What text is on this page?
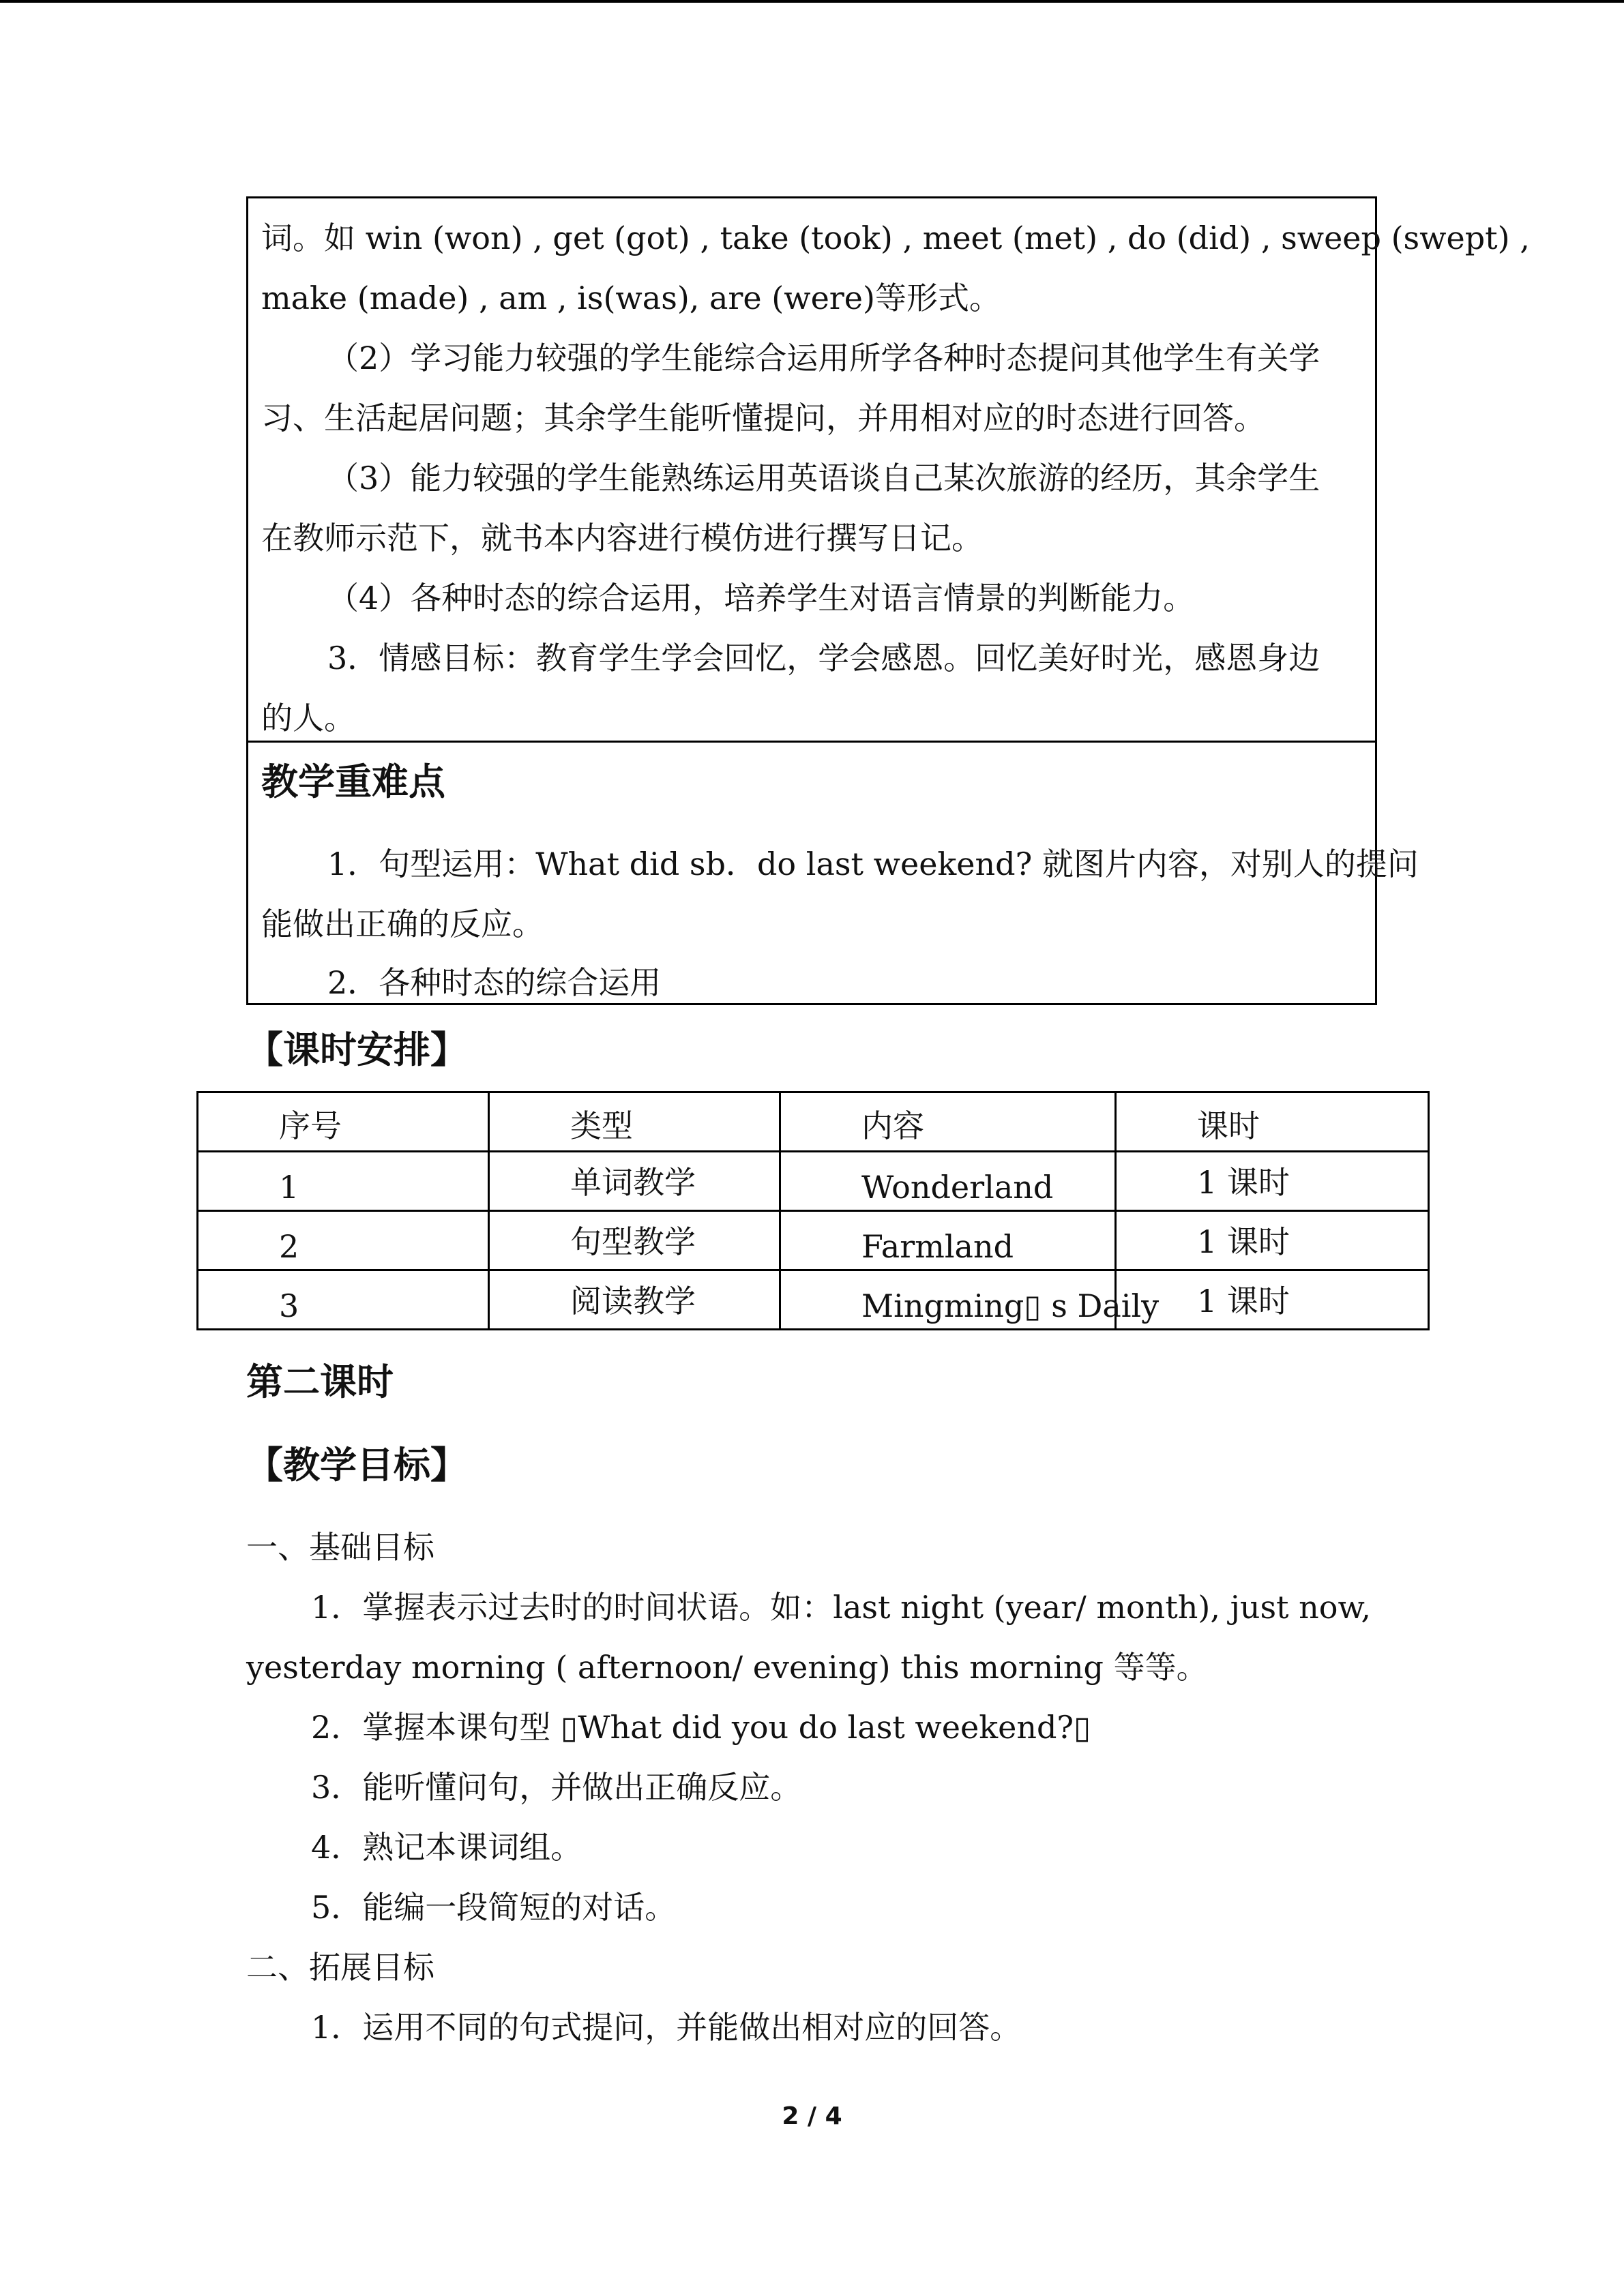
词。如 win (won) , get (got) , take (took) , meet (met) , do (did) , sweep (swept) ,
make (made) , am , is(was), are (were)等形式。
（2）学习能力较强的学生能综合运用所学各种时态提问其他学生有关学
习、生活起居问题；其余学生能听懂提问，并用相对应的时态进行回答。
（3）能力较强的学生能熟练运用英语谈自己某次旅游的经历，其余学生
在教师示范下，就书本内容进行模仿进行撰写日记。
（4）各种时态的综合运用，培养学生对语言情景的判断能力。
3．情感目标：教育学生学会回忆，学会感恩。回忆美好时光，感恩身边
的人。
教学重难点
1．句型运用：What did sb．do last weekend? 就图片内容，对别人的提问
能做出正确的反应。
2．各种时态的综合运用
【课时安排】
序号	类型	内容	课时

1	单词教学	Wonderland	1 课时

2	句型教学	Farmland	1 课时

3	阅读教学	Mingming▯ s Daily	1 课时
第二课时
【教学目标】
一、基础目标
1．掌握表示过去时的时间状语。如：last night (year/ month), just now,
yesterday morning ( afternoon/ evening) this morning 等等。
2．掌握本课句型 ▯What did you do last weekend?▯
3．能听懂问句，并做出正确反应。
4．熟记本课词组。
5．能编一段简短的对话。
二、拓展目标
1．运用不同的句式提问，并能做出相对应的回答。
2 / 4
